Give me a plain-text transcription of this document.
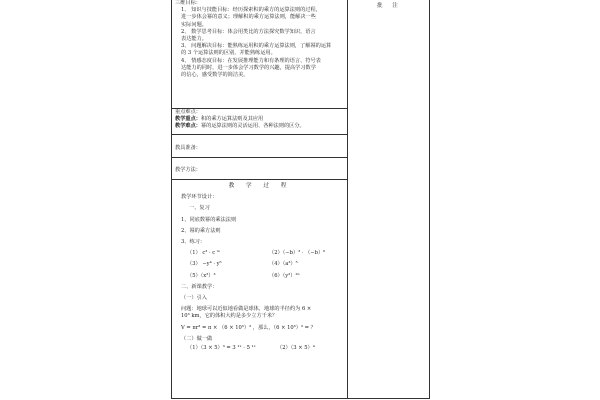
批 注

三维目标：

1、 知识与技能目标：经历探索积的乘方的运算法则的过程，

进一步体会幂的意义；理解积的乘方运算法则，能解决一些

实际问题。

2、 数学思考目标：体会用类比的方法探究数学知识，语言

表达能力。

3、 问题解决目标：能熟练运用积的乘方运算法则，了解幂的运算

的 3 个运算法则的区别，并能熟练运用。

4、 情感态度目标：在发展推理能力和有条理的语言、符号表

达能力的同时，进一步体会学习数学的兴趣，提高学习数学

的信心，感受数学的简洁美。

重点难点：

教学重点：积的乘方运算法则及其应用

教学难点：幂的运算法则的灵活运用、各种法则的区分。

教具准备：

教学方法：

教 学 过 程

教学环节设计：

一、复习

1、同底数幂的乘法法则

2、幂的乘方法则

3、练习：

（1） c³ · c ᵐ	（2）（−b）³ · （−b）⁶
（3） −y⁴ · y⁵	（4）（a³）⁵
（5）（x²）³	（6）（y²）²ⁿ

二、新课教学：

（一）引入

问题：地球可以近似地看做是球体，地球的半径约为 6 ×

10³ km，它的体积大约是多少立方千米？

V = πr³ = π × （6 × 10³）³ ，那么，（6 × 10³）³ = ？

（二）做一做

（1）（3 × 5）³ = 3 ¹ˣ · 5 ¹ˣ	（2）（3 × 5）⁴
